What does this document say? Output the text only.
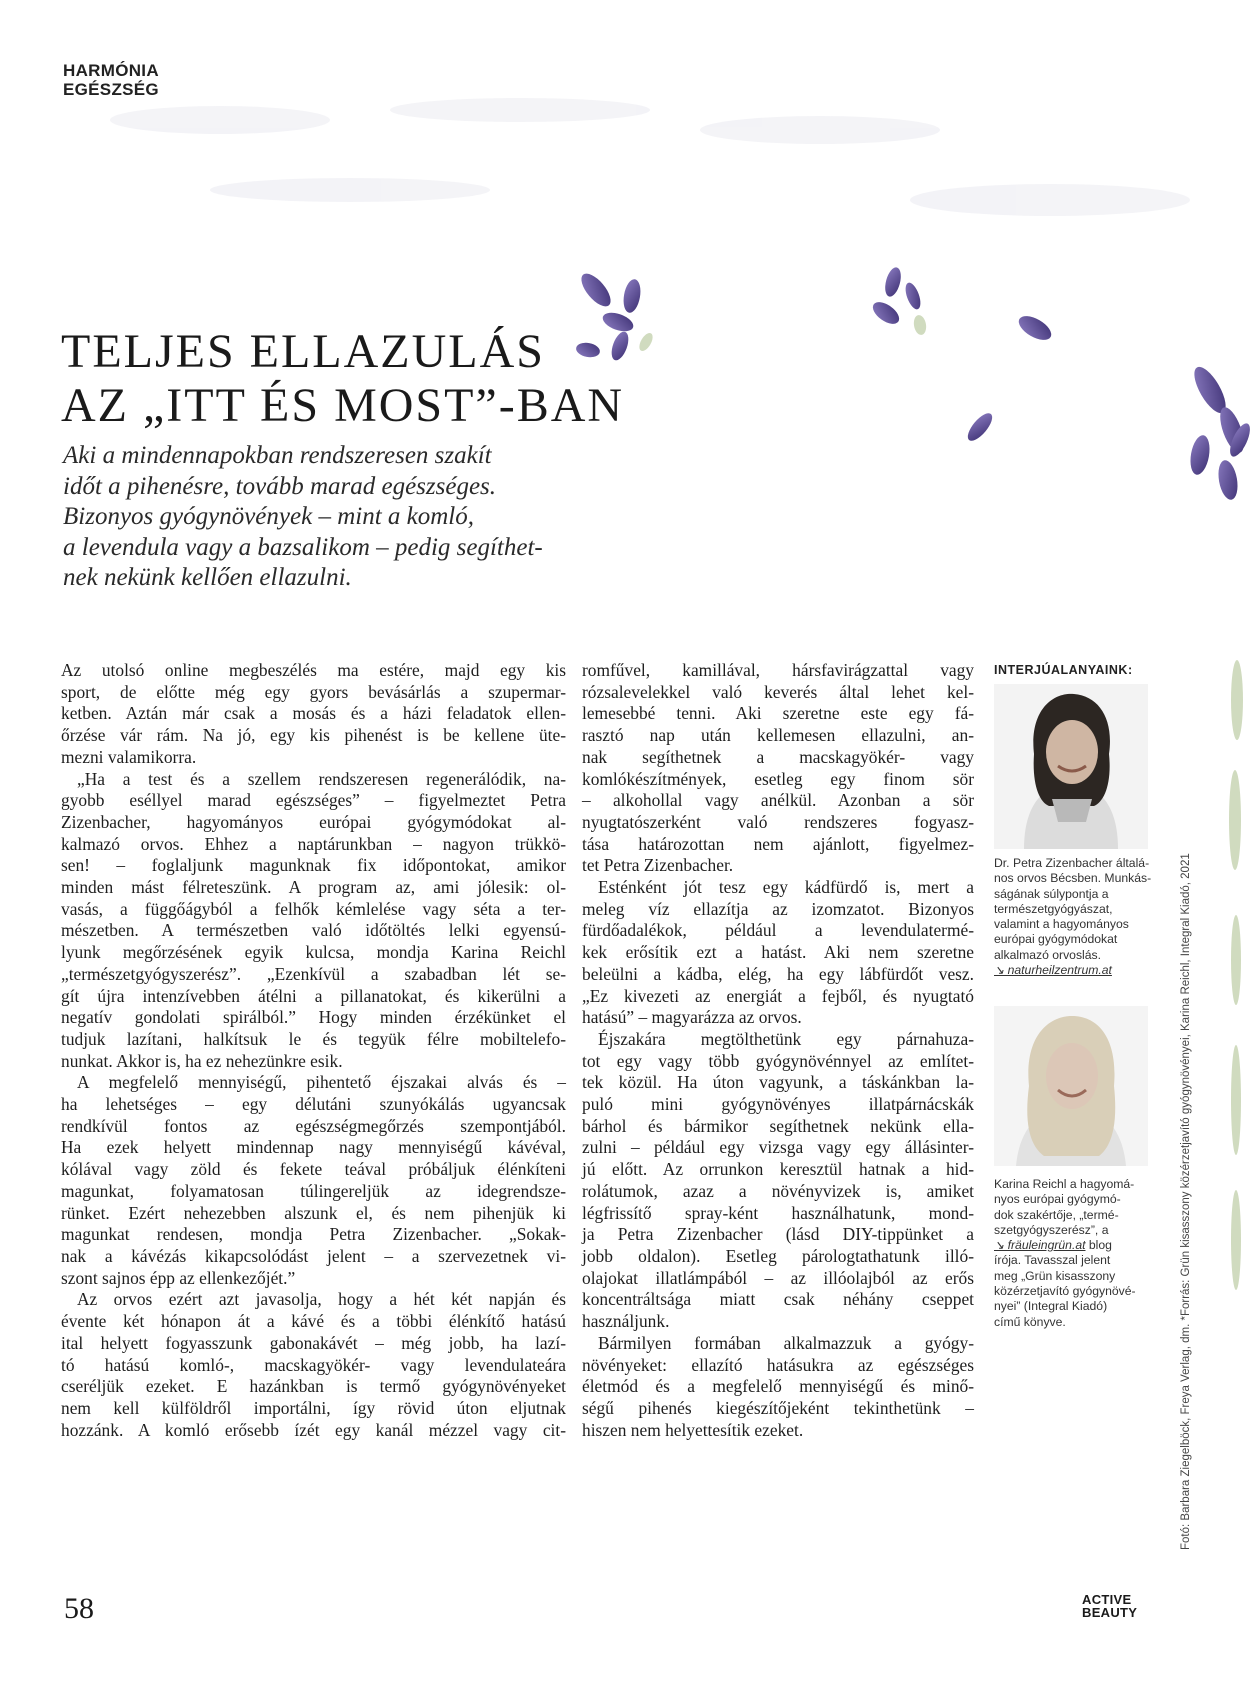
HARMÓNIA
EGÉSZSÉG
TELJES ELLAZULÁS
AZ „ITT ÉS MOST”-BAN
Aki a mindennapokban rendszeresen szakít
időt a pihenésre, tovább marad egészséges.
Bizonyos gyógynövények – mint a komló,
a levendula vagy a bazsalikom – pedig segíthet-
nek nekünk kellően ellazulni.
Az utolsó online megbeszélés ma estére, majd egy kis
sport, de előtte még egy gyors bevásárlás a szupermar-
ketben. Aztán már csak a mosás és a házi feladatok ellen-
őrzése vár rám. Na jó, egy kis pihenést is be kellene üte-
mezni valamikorra.
„Ha a test és a szellem rendszeresen regenerálódik, na-
gyobb eséllyel marad egészséges” – figyelmeztet Petra
Zizenbacher, hagyományos európai gyógymódokat al-
kalmazó orvos. Ehhez a naptárunkban – nagyon trükkö-
sen! – foglaljunk magunknak fix időpontokat, amikor
minden mást félreteszünk. A program az, ami jólesik: ol-
vasás, a függőágyból a felhők kémlelése vagy séta a ter-
mészetben. A természetben való időtöltés lelki egyensú-
lyunk megőrzésének egyik kulcsa, mondja Karina Reichl
„természetgyógyszerész”. „Ezenkívül a szabadban lét se-
gít újra intenzívebben átélni a pillanatokat, és kikerülni a
negatív gondolati spirálból.” Hogy minden érzékünket el
tudjuk lazítani, halkítsuk le és tegyük félre mobiltelefo-
nunkat. Akkor is, ha ez nehezünkre esik.
A megfelelő mennyiségű, pihentető éjszakai alvás és –
ha lehetséges – egy délutáni szunyókálás ugyancsak
rendkívül fontos az egészségmegőrzés szempontjából.
Ha ezek helyett mindennap nagy mennyiségű kávéval,
kólával vagy zöld és fekete teával próbáljuk élénkíteni
magunkat, folyamatosan túlingereljük az idegrendsze-
rünket. Ezért nehezebben alszunk el, és nem pihenjük ki
magunkat rendesen, mondja Petra Zizenbacher. „Sokak-
nak a kávézás kikapcsolódást jelent – a szervezetnek vi-
szont sajnos épp az ellenkezőjét.”
Az orvos ezért azt javasolja, hogy a hét két napján és
évente két hónapon át a kávé és a többi élénkítő hatású
ital helyett fogyasszunk gabonakávét – még jobb, ha lazí-
tó hatású komló-, macskagyökér- vagy levendulateára
cseréljük ezeket. E hazánkban is termő gyógynövényeket
nem kell külföldről importálni, így rövid úton eljutnak
hozzánk. A komló erősebb ízét egy kanál mézzel vagy cit-
romfűvel, kamillával, hársfavirágzattal vagy
rózsalevelekkel való keverés által lehet kel-
lemesebbé tenni. Aki szeretne este egy fá-
rasztó nap után kellemesen ellazulni, an-
nak segíthetnek a macskagyökér- vagy
komlókészítmények, esetleg egy finom sör
– alkohollal vagy anélkül. Azonban a sör
nyugtatószerként való rendszeres fogyasz-
tása határozottan nem ajánlott, figyelmez-
tet Petra Zizenbacher.
Esténként jót tesz egy kádfürdő is, mert a
meleg víz ellazítja az izomzatot. Bizonyos
fürdőadalékok, például a levendulatermé-
kek erősítik ezt a hatást. Aki nem szeretne
beleülni a kádba, elég, ha egy lábfürdőt vesz.
„Ez kivezeti az energiát a fejből, és nyugtató
hatású” – magyarázza az orvos.
Éjszakára megtölthetünk egy párnahuza-
tot egy vagy több gyógynövénnyel az említet-
tek közül. Ha úton vagyunk, a táskánkban la-
puló mini gyógynövényes illatpárnácskák
bárhol és bármikor segíthetnek nekünk ella-
zulni – például egy vizsga vagy egy állásinter-
jú előtt. Az orrunkon keresztül hatnak a hid-
rolátumok, azaz a növényvizek is, amiket
légfrissítő spray-ként használhatunk, mond-
ja Petra Zizenbacher (lásd DIY-tippünket a
jobb oldalon). Esetleg párologtathatunk illó-
olajokat illatlámpából – az illóolajból az erős
koncentráltsága miatt csak néhány cseppet
használjunk.
Bármilyen formában alkalmazzuk a gyógy-
növényeket: ellazító hatásukra az egészséges
életmód és a megfelelő mennyiségű és minő-
ségű pihenés kiegészítőjeként tekinthetünk –
hiszen nem helyettesítik ezeket.
INTERJÚALANYAINK:
Dr. Petra Zizenbacher általá-
nos orvos Bécsben. Munkás-
ságának súlypontja a
természetgyógyászat,
valamint a hagyományos
európai gyógymódokat
alkalmazó orvoslás.
↘ naturheilzentrum.at
Karina Reichl a hagyomá-
nyos európai gyógymó-
dok szakértője, „termé-
szetgyógyszerész”, a
↘ fräuleingrün.at blog
írója. Tavasszal jelent
meg „Grün kisasszony
közérzetjavító gyógynövé-
nyei” (Integral Kiadó)
című könyve.	Fotó: Barbara Ziegelböck, Freya Verlag, dm. *Forrás: Grün kisasszony közérzetjavító gyógynövényei, Karina Reichl, Integral Kiadó, 2021
58	ACTIVE
BEAUTY
